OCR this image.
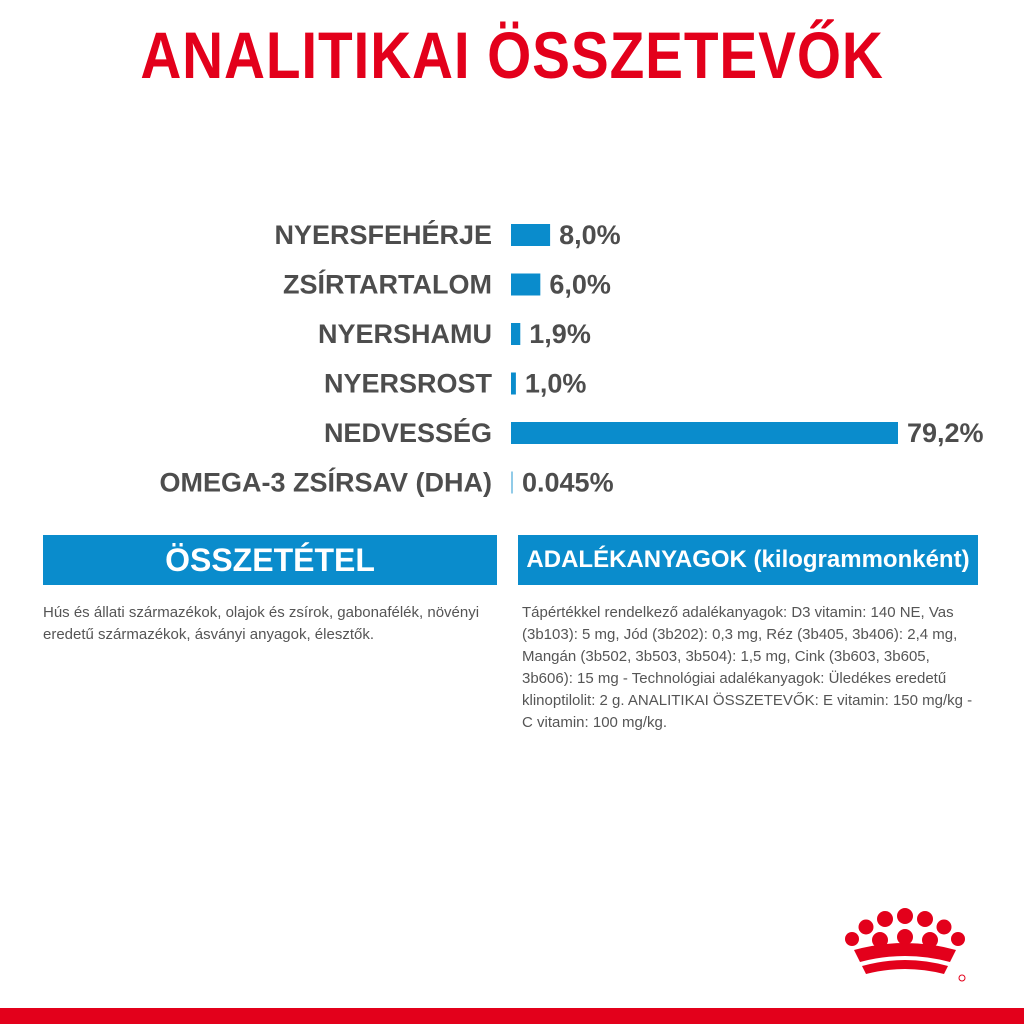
ANALITIKAI ÖSSZETEVŐK
NYERSFEHÉRJE 8,0%
ZSÍRTARTALOM 6,0%
NYERSHAMU 1,9%
NYERSROST 1,0%
NEDVESSÉG	79,2%
OMEGA-3 ZSÍRSAV (DHA) 0.045%
ÖSSZETÉTEL

Hús és állati származékok, olajok és zsírok, gabonafélék, növényi eredetű származékok, ásványi anyagok, élesztők.

ADALÉKANYAGOK (kilogrammonként)

Tápértékkel rendelkező adalékanyagok: D3 vitamin: 140 NE, Vas (3b103): 5 mg, Jód (3b202): 0,3 mg, Réz (3b405, 3b406): 2,4 mg, Mangán (3b502, 3b503, 3b504): 1,5 mg, Cink (3b603, 3b605, 3b606): 15 mg - Technológiai adalékanyagok: Üledékes eredetű klinoptilolit: 2 g. ANALITIKAI ÖSSZETEVŐK: E vitamin: 150 mg/kg - C vitamin: 100 mg/kg.
